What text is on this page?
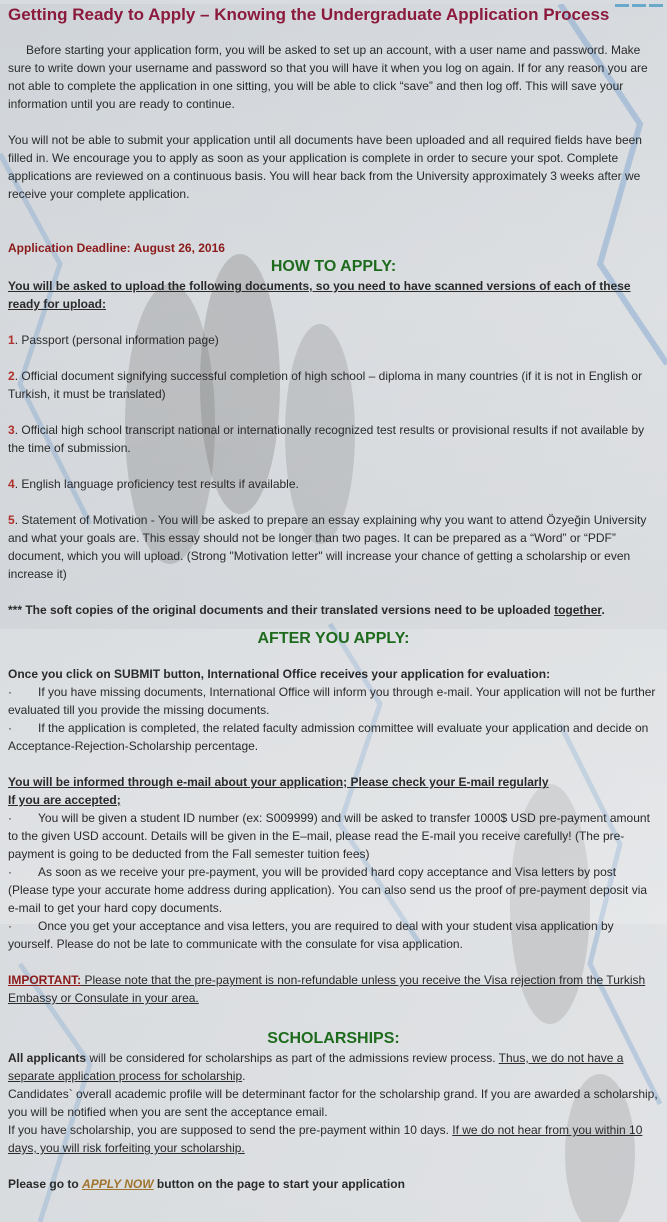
Getting Ready to Apply – Knowing the Undergraduate Application Process

Before starting your application form, you will be asked to set up an account, with a user name and password. Make sure to write down your username and password so that you will have it when you log on again. If for any reason you are not able to complete the application in one sitting, you will be able to click “save” and then log off. This will save your information until you are ready to continue.

You will not be able to submit your application until all documents have been uploaded and all required fields have been filled in. We encourage you to apply as soon as your application is complete in order to secure your spot. Complete applications are reviewed on a continuous basis. You will hear back from the University approximately 3 weeks after we receive your complete application.

Application Deadline: August 26, 2016

HOW TO APPLY:

You will be asked to upload the following documents, so you need to have scanned versions of each of these ready for upload:

1. Passport (personal information page)

2. Official document signifying successful completion of high school – diploma in many countries (if it is not in English or Turkish, it must be translated)

3. Official high school transcript national or internationally recognized test results or provisional results if not available by the time of submission.

4. English language proficiency test results if available.

5. Statement of Motivation - You will be asked to prepare an essay explaining why you want to attend Özyeğin University and what your goals are. This essay should not be longer than two pages. It can be prepared as a “Word” or “PDF” document, which you will upload. (Strong "Motivation letter" will increase your chance of getting a scholarship or even increase it)

*** The soft copies of the original documents and their translated versions need to be uploaded together.

AFTER YOU APPLY:

Once you click on SUBMIT button, International Office receives your application for evaluation:

· If you have missing documents, International Office will inform you through e-mail. Your application will not be further evaluated till you provide the missing documents.

· If the application is completed, the related faculty admission committee will evaluate your application and decide on Acceptance-Rejection-Scholarship percentage.

You will be informed through e-mail about your application; Please check your E-mail regularly

If you are accepted;

· You will be given a student ID number (ex: S009999) and will be asked to transfer 1000$ USD pre-payment amount to the given USD account. Details will be given in the E–mail, please read the E-mail you receive carefully! (The pre-payment is going to be deducted from the Fall semester tuition fees)

· As soon as we receive your pre-payment, you will be provided hard copy acceptance and Visa letters by post (Please type your accurate home address during application). You can also send us the proof of pre-payment deposit via e-mail to get your hard copy documents.

· Once you get your acceptance and visa letters, you are required to deal with your student visa application by yourself. Please do not be late to communicate with the consulate for visa application.

IMPORTANT: Please note that the pre-payment is non-refundable unless you receive the Visa rejection from the Turkish Embassy or Consulate in your area.

SCHOLARSHIPS:

All applicants will be considered for scholarships as part of the admissions review process. Thus, we do not have a separate application process for scholarship.

Candidates` overall academic profile will be determinant factor for the scholarship grand. If you are awarded a scholarship, you will be notified when you are sent the acceptance email.

If you have scholarship, you are supposed to send the pre-payment within 10 days. If we do not hear from you within 10 days, you will risk forfeiting your scholarship.

Please go to APPLY NOW button on the page to start your application
